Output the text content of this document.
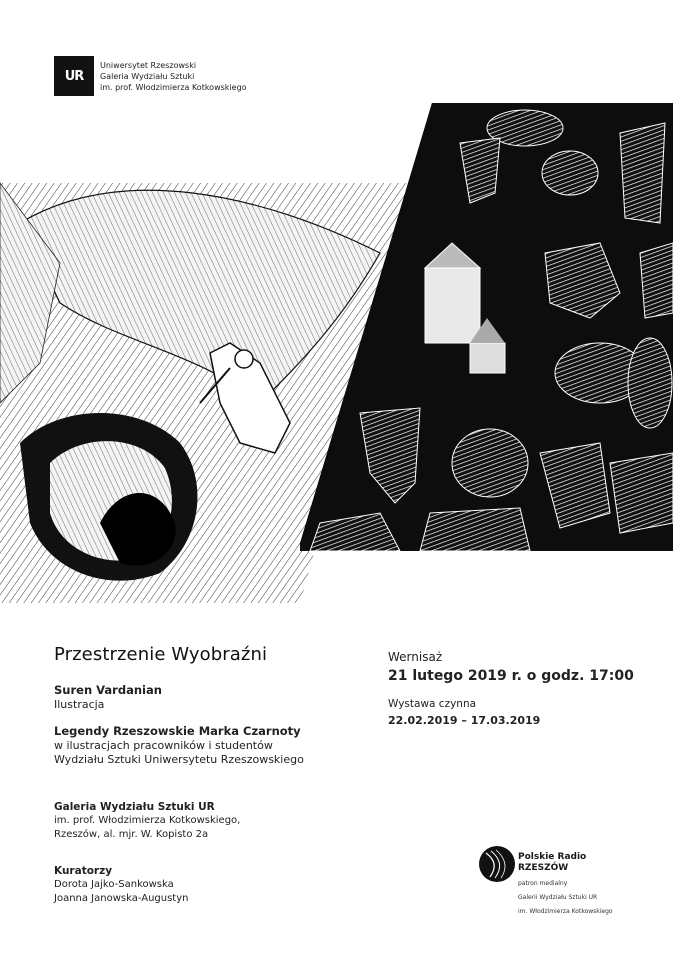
UR
Uniwersytet Rzeszowski
Galeria Wydziału Sztuki
im. prof. Włodzimierza Kotkowskiego
Przestrzenie Wyobraźni
Suren Vardanian
Ilustracja
Legendy Rzeszowskie Marka Czarnoty
w ilustracjach pracowników i studentów
Wydziału Sztuki Uniwersytetu Rzeszowskiego
Galeria Wydziału Sztuki UR
im. prof. Włodzimierza Kotkowskiego,
Rzeszów, al. mjr. W. Kopisto 2a
Kuratorzy
Dorota Jajko-Sankowska
Joanna Janowska-Augustyn
Wernisaż
21 lutego 2019 r. o godz. 17:00
Wystawa czynna
22.02.2019 – 17.03.2019
Polskie Radio
RZESZÓW
patron medialny
Galerii Wydziału Sztuki UR
im. Włodzimierza Kotkowskiego
